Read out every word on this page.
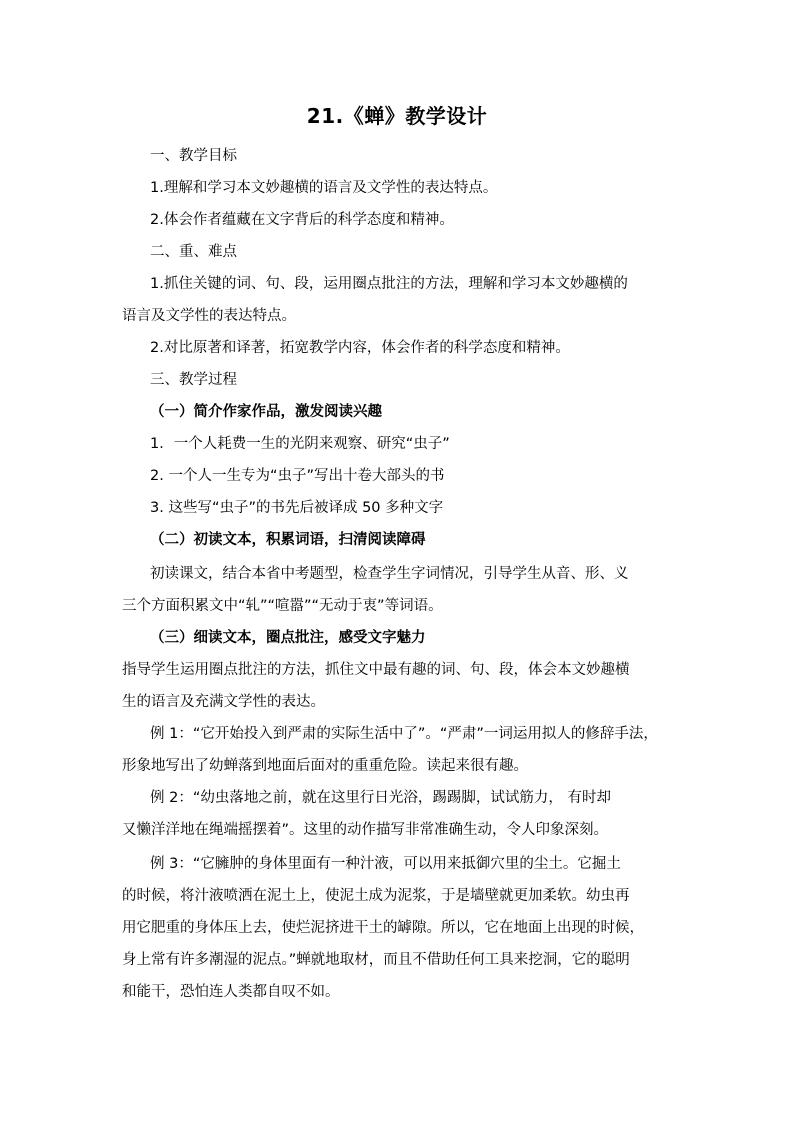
21.《蝉》教学设计
一、教学目标
1.理解和学习本文妙趣横的语言及文学性的表达特点。
2.体会作者蕴藏在文字背后的科学态度和精神。
二、重、难点
1.抓住关键的词、句、段，运用圈点批注的方法，理解和学习本文妙趣横的
语言及文学性的表达特点。
2.对比原著和译著，拓宽教学内容，体会作者的科学态度和精神。
三、教学过程
（一）简介作家作品，激发阅读兴趣
1．一个人耗费一生的光阴来观察、研究“虫子”
2. 一个人一生专为“虫子”写出十卷大部头的书
3. 这些写“虫子”的书先后被译成 50 多种文字
（二）初读文本，积累词语，扫清阅读障碍
初读课文，结合本省中考题型，检查学生字词情况，引导学生从音、形、义
三个方面积累文中“轧”“喧嚣”“无动于衷”等词语。
（三）细读文本，圈点批注，感受文字魅力
指导学生运用圈点批注的方法，抓住文中最有趣的词、句、段，体会本文妙趣横
生的语言及充满文学性的表达。
例 1：“它开始投入到严肃的实际生活中了”。“严肃”一词运用拟人的修辞手法，
形象地写出了幼蝉落到地面后面对的重重危险。读起来很有趣。
例 2：“幼虫落地之前，就在这里行日光浴，踢踢脚，试试筋力， 有时却
又懒洋洋地在绳端摇摆着”。这里的动作描写非常准确生动，令人印象深刻。
例 3：“它臃肿的身体里面有一种汁液，可以用来抵御穴里的尘土。它掘土
的时候，将汁液喷洒在泥土上，使泥土成为泥浆，于是墙壁就更加柔软。幼虫再
用它肥重的身体压上去，使烂泥挤进干土的罅隙。所以，它在地面上出现的时候，
身上常有许多潮湿的泥点。”蝉就地取材，而且不借助任何工具来挖洞，它的聪明
和能干，恐怕连人类都自叹不如。
